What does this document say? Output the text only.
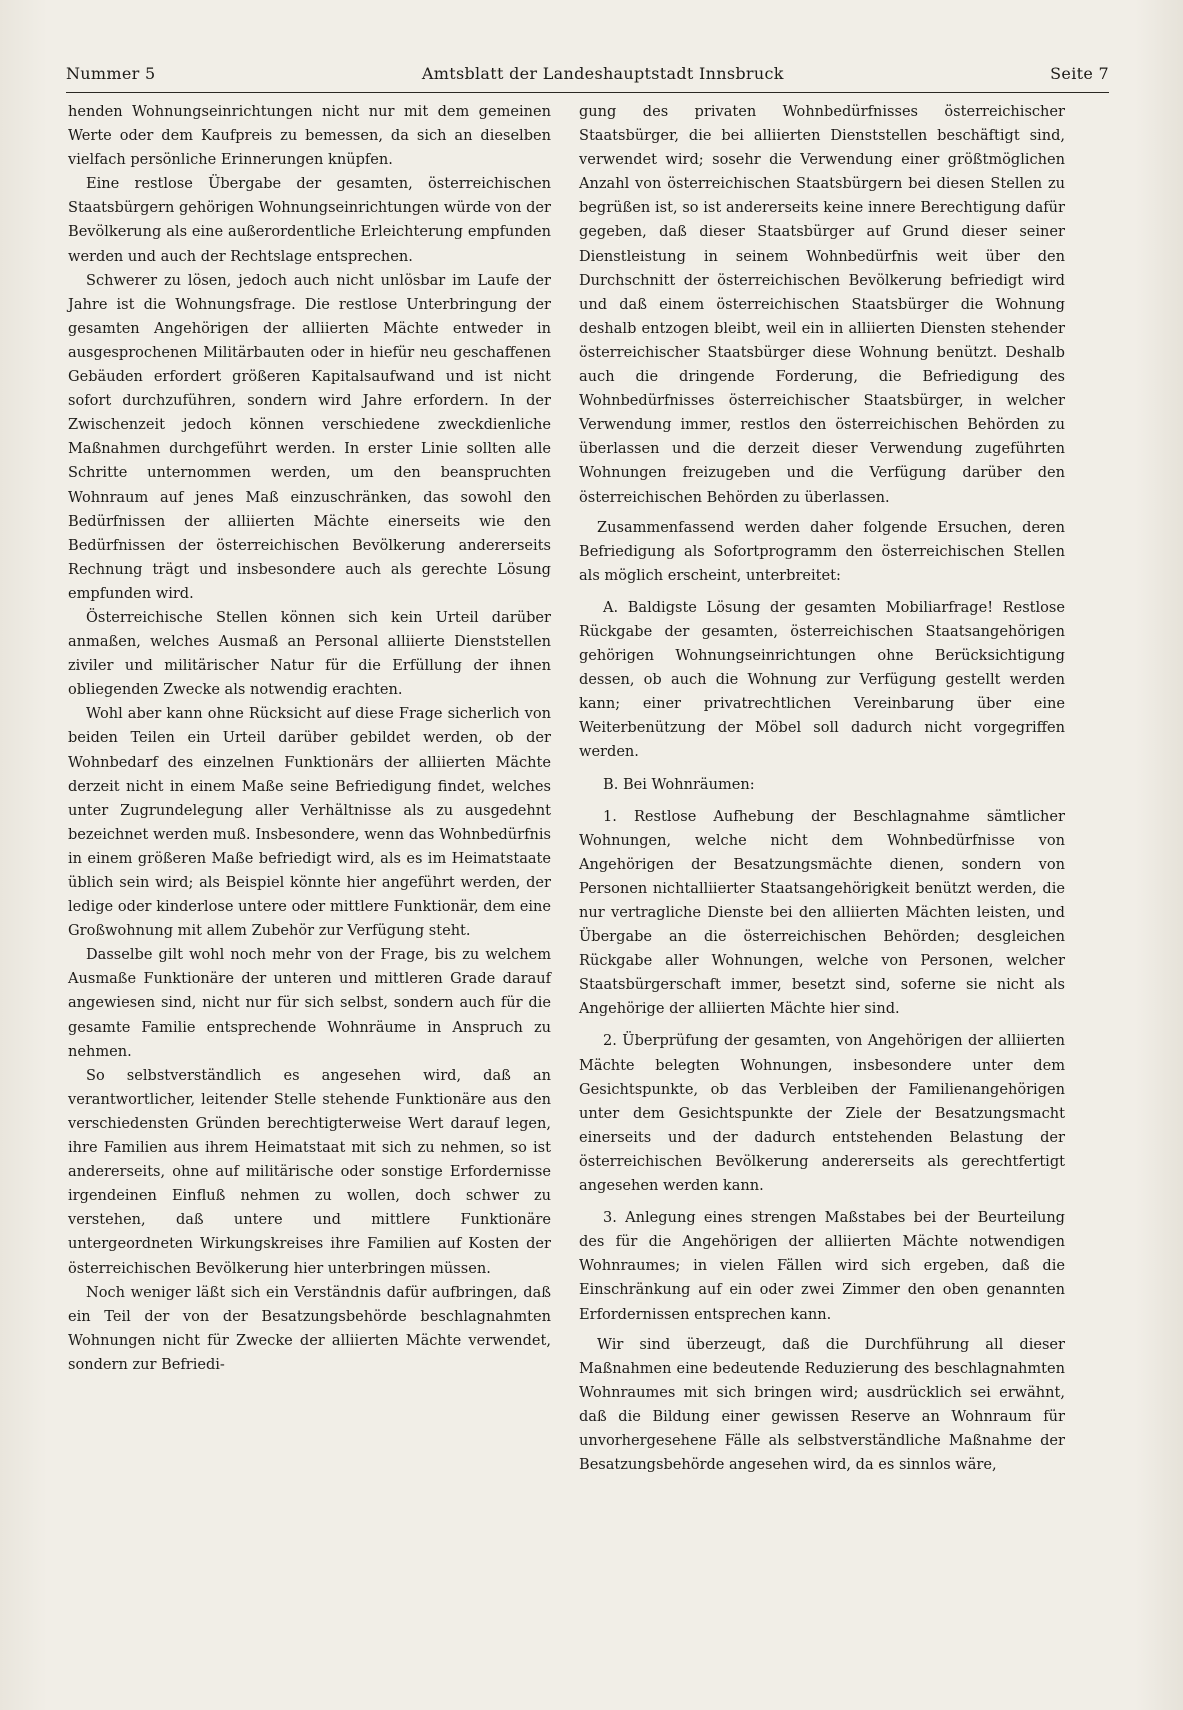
Nummer 5	Amtsblatt der Landeshauptstadt Innsbruck	Seite 7

henden Wohnungseinrichtungen nicht nur mit dem gemeinen Werte oder dem Kaufpreis zu bemessen, da sich an dieselben vielfach persönliche Erinnerungen knüpfen.

Eine restlose Übergabe der gesamten, österreichischen Staatsbürgern gehörigen Wohnungseinrichtungen würde von der Bevölkerung als eine außerordentliche Erleichterung empfunden werden und auch der Rechtslage entsprechen.

Schwerer zu lösen, jedoch auch nicht unlösbar im Laufe der Jahre ist die Wohnungsfrage. Die restlose Unterbringung der gesamten Angehörigen der alliierten Mächte entweder in ausgesprochenen Militärbauten oder in hiefür neu geschaffenen Gebäuden erfordert größeren Kapitalsaufwand und ist nicht sofort durchzuführen, sondern wird Jahre erfordern. In der Zwischenzeit jedoch können verschiedene zweckdienliche Maßnahmen durchgeführt werden. In erster Linie sollten alle Schritte unternommen werden, um den beanspruchten Wohnraum auf jenes Maß einzuschränken, das sowohl den Bedürfnissen der alliierten Mächte einerseits wie den Bedürfnissen der österreichischen Bevölkerung andererseits Rechnung trägt und insbesondere auch als gerechte Lösung empfunden wird.

Österreichische Stellen können sich kein Urteil darüber anmaßen, welches Ausmaß an Personal alliierte Dienststellen ziviler und militärischer Natur für die Erfüllung der ihnen obliegenden Zwecke als notwendig erachten.

Wohl aber kann ohne Rücksicht auf diese Frage sicherlich von beiden Teilen ein Urteil darüber gebildet werden, ob der Wohnbedarf des einzelnen Funktionärs der alliierten Mächte derzeit nicht in einem Maße seine Befriedigung findet, welches unter Zugrundelegung aller Verhältnisse als zu ausgedehnt bezeichnet werden muß. Insbesondere, wenn das Wohnbedürfnis in einem größeren Maße befriedigt wird, als es im Heimatstaate üblich sein wird; als Beispiel könnte hier angeführt werden, der ledige oder kinderlose untere oder mittlere Funktionär, dem eine Großwohnung mit allem Zubehör zur Verfügung steht.

Dasselbe gilt wohl noch mehr von der Frage, bis zu welchem Ausmaße Funktionäre der unteren und mittleren Grade darauf angewiesen sind, nicht nur für sich selbst, sondern auch für die gesamte Familie entsprechende Wohnräume in Anspruch zu nehmen.

So selbstverständlich es angesehen wird, daß an verantwortlicher, leitender Stelle stehende Funktionäre aus den verschiedensten Gründen berechtigterweise Wert darauf legen, ihre Familien aus ihrem Heimatstaat mit sich zu nehmen, so ist andererseits, ohne auf militärische oder sonstige Erfordernisse irgendeinen Einfluß nehmen zu wollen, doch schwer zu verstehen, daß untere und mittlere Funktionäre untergeordneten Wirkungskreises ihre Familien auf Kosten der österreichischen Bevölkerung hier unterbringen müssen.

Noch weniger läßt sich ein Verständnis dafür aufbringen, daß ein Teil der von der Besatzungsbehörde beschlagnahmten Wohnungen nicht für Zwecke der alliierten Mächte verwendet, sondern zur Befriedi-

gung des privaten Wohnbedürfnisses österreichischer Staatsbürger, die bei alliierten Dienststellen beschäftigt sind, verwendet wird; sosehr die Verwendung einer größtmöglichen Anzahl von österreichischen Staatsbürgern bei diesen Stellen zu begrüßen ist, so ist andererseits keine innere Berechtigung dafür gegeben, daß dieser Staatsbürger auf Grund dieser seiner Dienstleistung in seinem Wohnbedürfnis weit über den Durchschnitt der österreichischen Bevölkerung befriedigt wird und daß einem österreichischen Staatsbürger die Wohnung deshalb entzogen bleibt, weil ein in alliierten Diensten stehender österreichischer Staatsbürger diese Wohnung benützt. Deshalb auch die dringende Forderung, die Befriedigung des Wohnbedürfnisses österreichischer Staatsbürger, in welcher Verwendung immer, restlos den österreichischen Behörden zu überlassen und die derzeit dieser Verwendung zugeführten Wohnungen freizugeben und die Verfügung darüber den österreichischen Behörden zu überlassen.

Zusammenfassend werden daher folgende Ersuchen, deren Befriedigung als Sofortprogramm den österreichischen Stellen als möglich erscheint, unterbreitet:

A. Baldigste Lösung der gesamten Mobiliarfrage! Restlose Rückgabe der gesamten, österreichischen Staatsangehörigen gehörigen Wohnungseinrichtungen ohne Berücksichtigung dessen, ob auch die Wohnung zur Verfügung gestellt werden kann; einer privatrechtlichen Vereinbarung über eine Weiterbenützung der Möbel soll dadurch nicht vorgegriffen werden.

B. Bei Wohnräumen:

1. Restlose Aufhebung der Beschlagnahme sämtlicher Wohnungen, welche nicht dem Wohnbedürfnisse von Angehörigen der Besatzungsmächte dienen, sondern von Personen nichtalliierter Staatsangehörigkeit benützt werden, die nur vertragliche Dienste bei den alliierten Mächten leisten, und Übergabe an die österreichischen Behörden; desgleichen Rückgabe aller Wohnungen, welche von Personen, welcher Staatsbürgerschaft immer, besetzt sind, soferne sie nicht als Angehörige der alliierten Mächte hier sind.

2. Überprüfung der gesamten, von Angehörigen der alliierten Mächte belegten Wohnungen, insbesondere unter dem Gesichtspunkte, ob das Verbleiben der Familienangehörigen unter dem Gesichtspunkte der Ziele der Besatzungsmacht einerseits und der dadurch entstehenden Belastung der österreichischen Bevölkerung andererseits als gerechtfertigt angesehen werden kann.

3. Anlegung eines strengen Maßstabes bei der Beurteilung des für die Angehörigen der alliierten Mächte notwendigen Wohnraumes; in vielen Fällen wird sich ergeben, daß die Einschränkung auf ein oder zwei Zimmer den oben genannten Erfordernissen entsprechen kann.

Wir sind überzeugt, daß die Durchführung all dieser Maßnahmen eine bedeutende Reduzierung des beschlagnahmten Wohnraumes mit sich bringen wird; ausdrücklich sei erwähnt, daß die Bildung einer gewissen Reserve an Wohnraum für unvorhergesehene Fälle als selbstverständliche Maßnahme der Besatzungsbehörde angesehen wird, da es sinnlos wäre,
